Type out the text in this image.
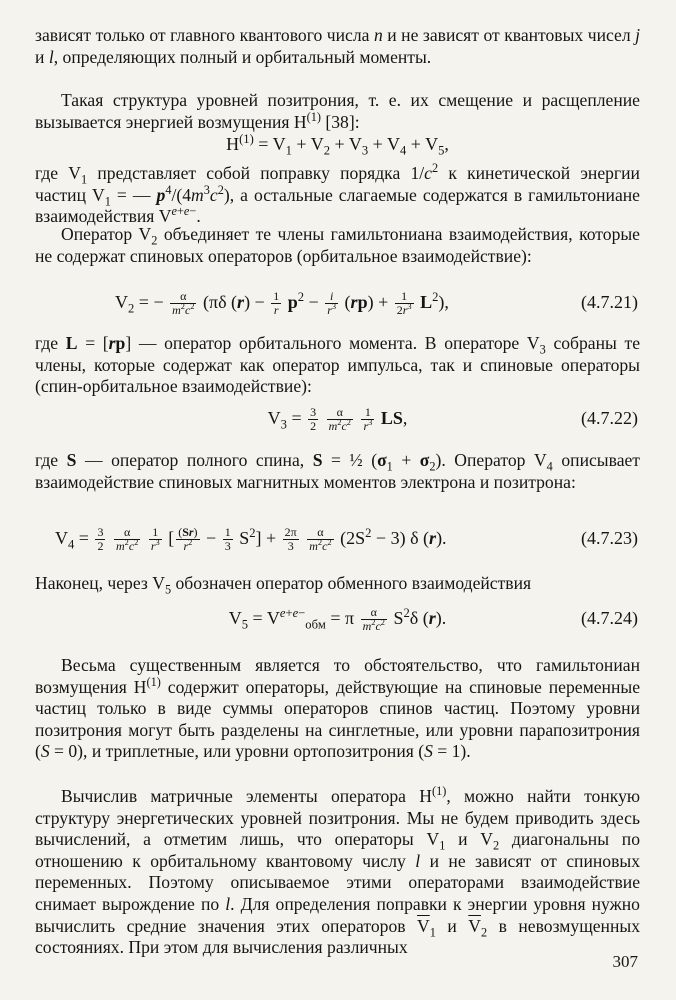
зависят только от главного квантового числа n и не зависят от квантовых чисел j и l, определяющих полный и орбитальный моменты.

Такая структура уровней позитрония, т. е. их смещение и расщепление вызывается энергией возмущения $H^{(1)}$ [38]:

$H^{(1)} = V_1 + V_2 + V_3 + V_4 + V_5$,

где $V_1$ представляет собой поправку порядка $1/c^2$ к кинетической энергии частиц $V_1$ = — $p^4/(4m^3c^2)$, а остальные слагаемые содержатся в гамильтониане взаимодействия $V^{e+e-}$.

Оператор $V_2$ объединяет те члены гамильтониана взаимодействия, которые не содержат спиновых операторов (орбитальное взаимодействие):

$V_2$ = − $\frac{\alpha}{m^2c^2} (\pi\delta$ $(r) - \frac{1}{r} p^2 - \frac{i}{r^3} (rp) + \frac{1}{2r^3} L^2$),	(4.7.21)

где L = [rp] — оператор орбитального момента. В операторе $V_3$ собраны те члены, которые содержат как оператор импульса, так и спиновые операторы (спин-орбитальное взаимодействие):

$V_3 = \frac{3}{2}$
$\frac{\alpha}{m^2c^2}$
$\frac{1}{r^3}$ LS,	(4.7.22)

где S — оператор полного спина, S = ½ $(\sigma_1 + \sigma_2)$. Оператор $V_4$ описывает взаимодействие спиновых магнитных моментов электрона и позитрона:

$V_4 = \frac{3}{2}$
$\frac{\alpha}{m^2c^2}$
$\frac{1}{r^3}$ [ $\frac{(Sr)}{r^2} - \frac{1}{3} S^2] + \frac{2\pi}{3}$
$\frac{\alpha}{m^2c^2} (2S^2 - 3)$ δ (r).	(4.7.23)

Наконец, через $V_5$ обозначен оператор обменного взаимодействия

$V_5 = V^{e+e-}_{обм} = \pi \frac{\alpha}{m^2c^2} S^2\delta$ (r).	(4.7.24)

Весьма существенным является то обстоятельство, что гамильтониан возмущения $H^{(1)}$ содержит операторы, действующие на спиновые переменные частиц только в виде суммы операторов спинов частиц. Поэтому уровни позитрония могут быть разделены на синглетные, или уровни парапозитрония (S = 0), и триплетные, или уровни ортопозитрония (S = 1).

Вычислив матричные элементы оператора $H^{(1)}$, можно найти тонкую структуру энергетических уровней позитрония. Мы не будем приводить здесь вычислений, а отметим лишь, что операторы $V_1$ и $V_2$ диагональны по отношению к орбитальному квантовому числу l и не зависят от спиновых переменных. Поэтому описываемое этими операторами взаимодействие снимает вырождение по l. Для определения поправки к энергии уровня нужно вычислить средние значения этих операторов $\overline{V}_1$ и $\overline{V}_2$ в невозмущенных состояниях. При этом для вычисления различных

307
